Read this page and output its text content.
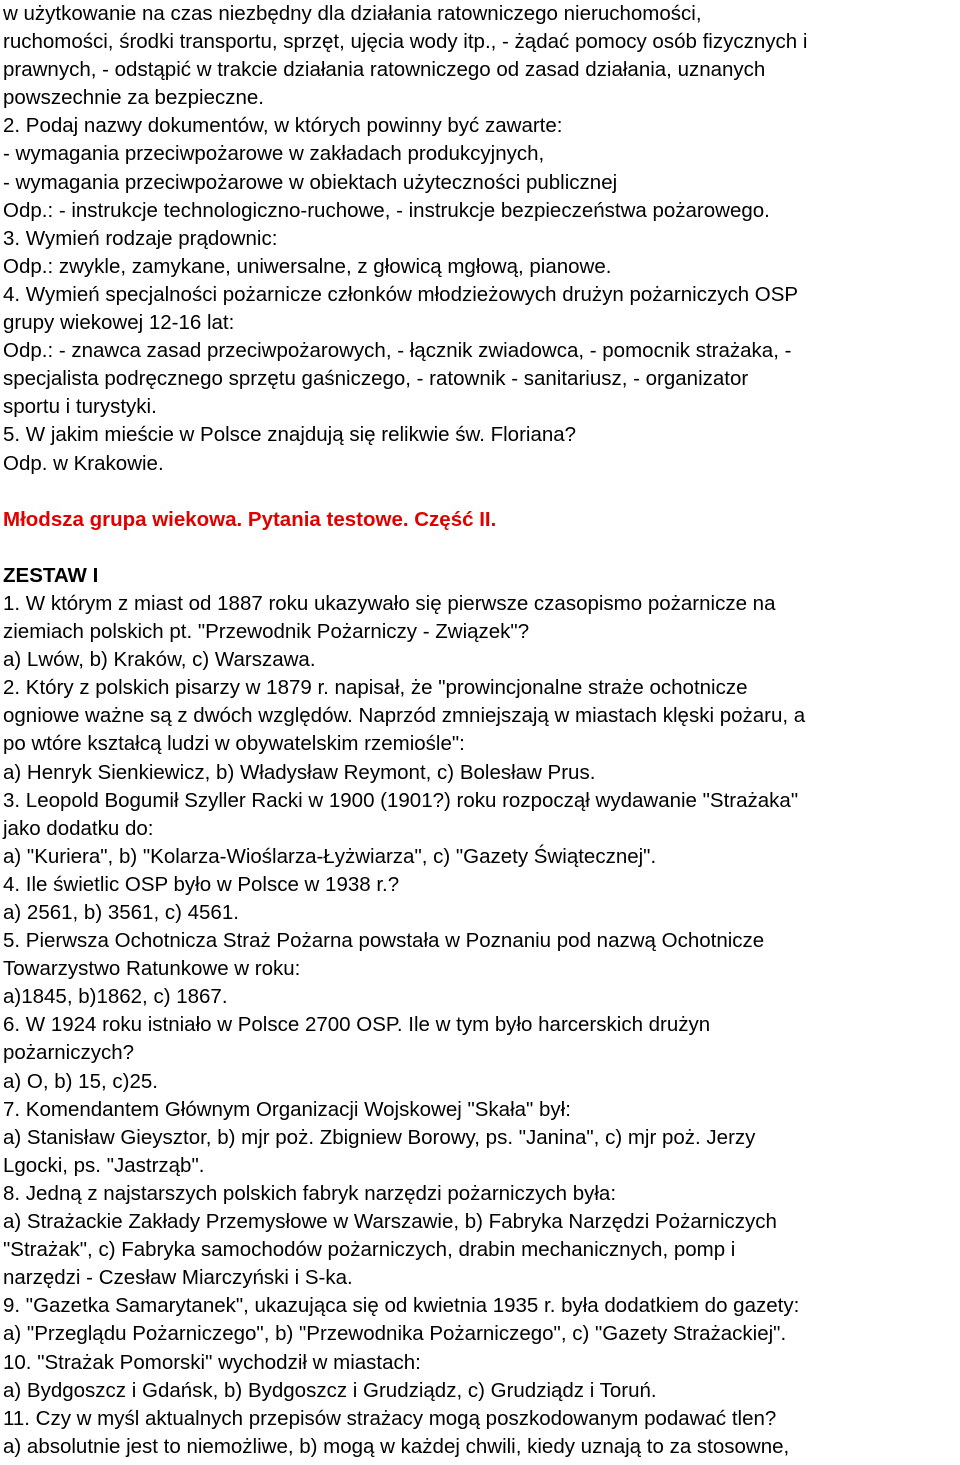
w użytkowanie na czas niezbędny dla działania ratowniczego nieruchomości,
ruchomości, środki transportu, sprzęt, ujęcia wody itp., - żądać pomocy osób fizycznych i
prawnych, - odstąpić w trakcie działania ratowniczego od zasad działania, uznanych
powszechnie za bezpieczne.
2. Podaj nazwy dokumentów, w których powinny być zawarte:
- wymagania przeciwpożarowe w zakładach produkcyjnych,
- wymagania przeciwpożarowe w obiektach użyteczności publicznej
Odp.: - instrukcje technologiczno-ruchowe, - instrukcje bezpieczeństwa pożarowego.
3. Wymień rodzaje prądownic:
Odp.: zwykle, zamykane, uniwersalne, z głowicą mgłową, pianowe.
4. Wymień specjalności pożarnicze członków młodzieżowych drużyn pożarniczych OSP
grupy wiekowej 12-16 lat:
Odp.: - znawca zasad przeciwpożarowych, - łącznik zwiadowca, - pomocnik strażaka, -
specjalista podręcznego sprzętu gaśniczego, - ratownik - sanitariusz, - organizator
sportu i turystyki.
5. W jakim mieście w Polsce znajdują się relikwie św. Floriana?
Odp. w Krakowie.
Młodsza grupa wiekowa. Pytania testowe. Część II.
ZESTAW I
1. W którym z miast od 1887 roku ukazywało się pierwsze czasopismo pożarnicze na
ziemiach polskich pt. "Przewodnik Pożarniczy - Związek"?
a) Lwów, b) Kraków, c) Warszawa.
2. Który z polskich pisarzy w 1879 r. napisał, że "prowincjonalne straże ochotnicze
ogniowe ważne są z dwóch względów. Naprzód zmniejszają w miastach klęski pożaru, a
po wtóre kształcą ludzi w obywatelskim rzemiośle":
a) Henryk Sienkiewicz, b) Władysław Reymont, c) Bolesław Prus.
3. Leopold Bogumił Szyller Racki w 1900 (1901?) roku rozpoczął wydawanie "Strażaka"
jako dodatku do:
a) "Kuriera", b) "Kolarza-Wioślarza-Łyżwiarza", c) "Gazety Świątecznej".
4. Ile świetlic OSP było w Polsce w 1938 r.?
a) 2561, b) 3561, c) 4561.
5. Pierwsza Ochotnicza Straż Pożarna powstała w Poznaniu pod nazwą Ochotnicze
Towarzystwo Ratunkowe w roku:
a)1845, b)1862, c) 1867.
6. W 1924 roku istniało w Polsce 2700 OSP. Ile w tym było harcerskich drużyn
pożarniczych?
a) O, b) 15, c)25.
7. Komendantem Głównym Organizacji Wojskowej "Skała" był:
a) Stanisław Gieysztor, b) mjr poż. Zbigniew Borowy, ps. "Janina", c) mjr poż. Jerzy
Lgocki, ps. "Jastrząb".
8. Jedną z najstarszych polskich fabryk narzędzi pożarniczych była:
a) Strażackie Zakłady Przemysłowe w Warszawie, b) Fabryka Narzędzi Pożarniczych
"Strażak", c) Fabryka samochodów pożarniczych, drabin mechanicznych, pomp i
narzędzi - Czesław Miarczyński i S-ka.
9. "Gazetka Samarytanek", ukazująca się od kwietnia 1935 r. była dodatkiem do gazety:
a) "Przeglądu Pożarniczego", b) "Przewodnika Pożarniczego", c) "Gazety Strażackiej".
10. "Strażak Pomorski" wychodził w miastach:
a) Bydgoszcz i Gdańsk, b) Bydgoszcz i Grudziądz, c) Grudziądz i Toruń.
11. Czy w myśl aktualnych przepisów strażacy mogą poszkodowanym podawać tlen?
a) absolutnie jest to niemożliwe, b) mogą w każdej chwili, kiedy uznają to za stosowne,
